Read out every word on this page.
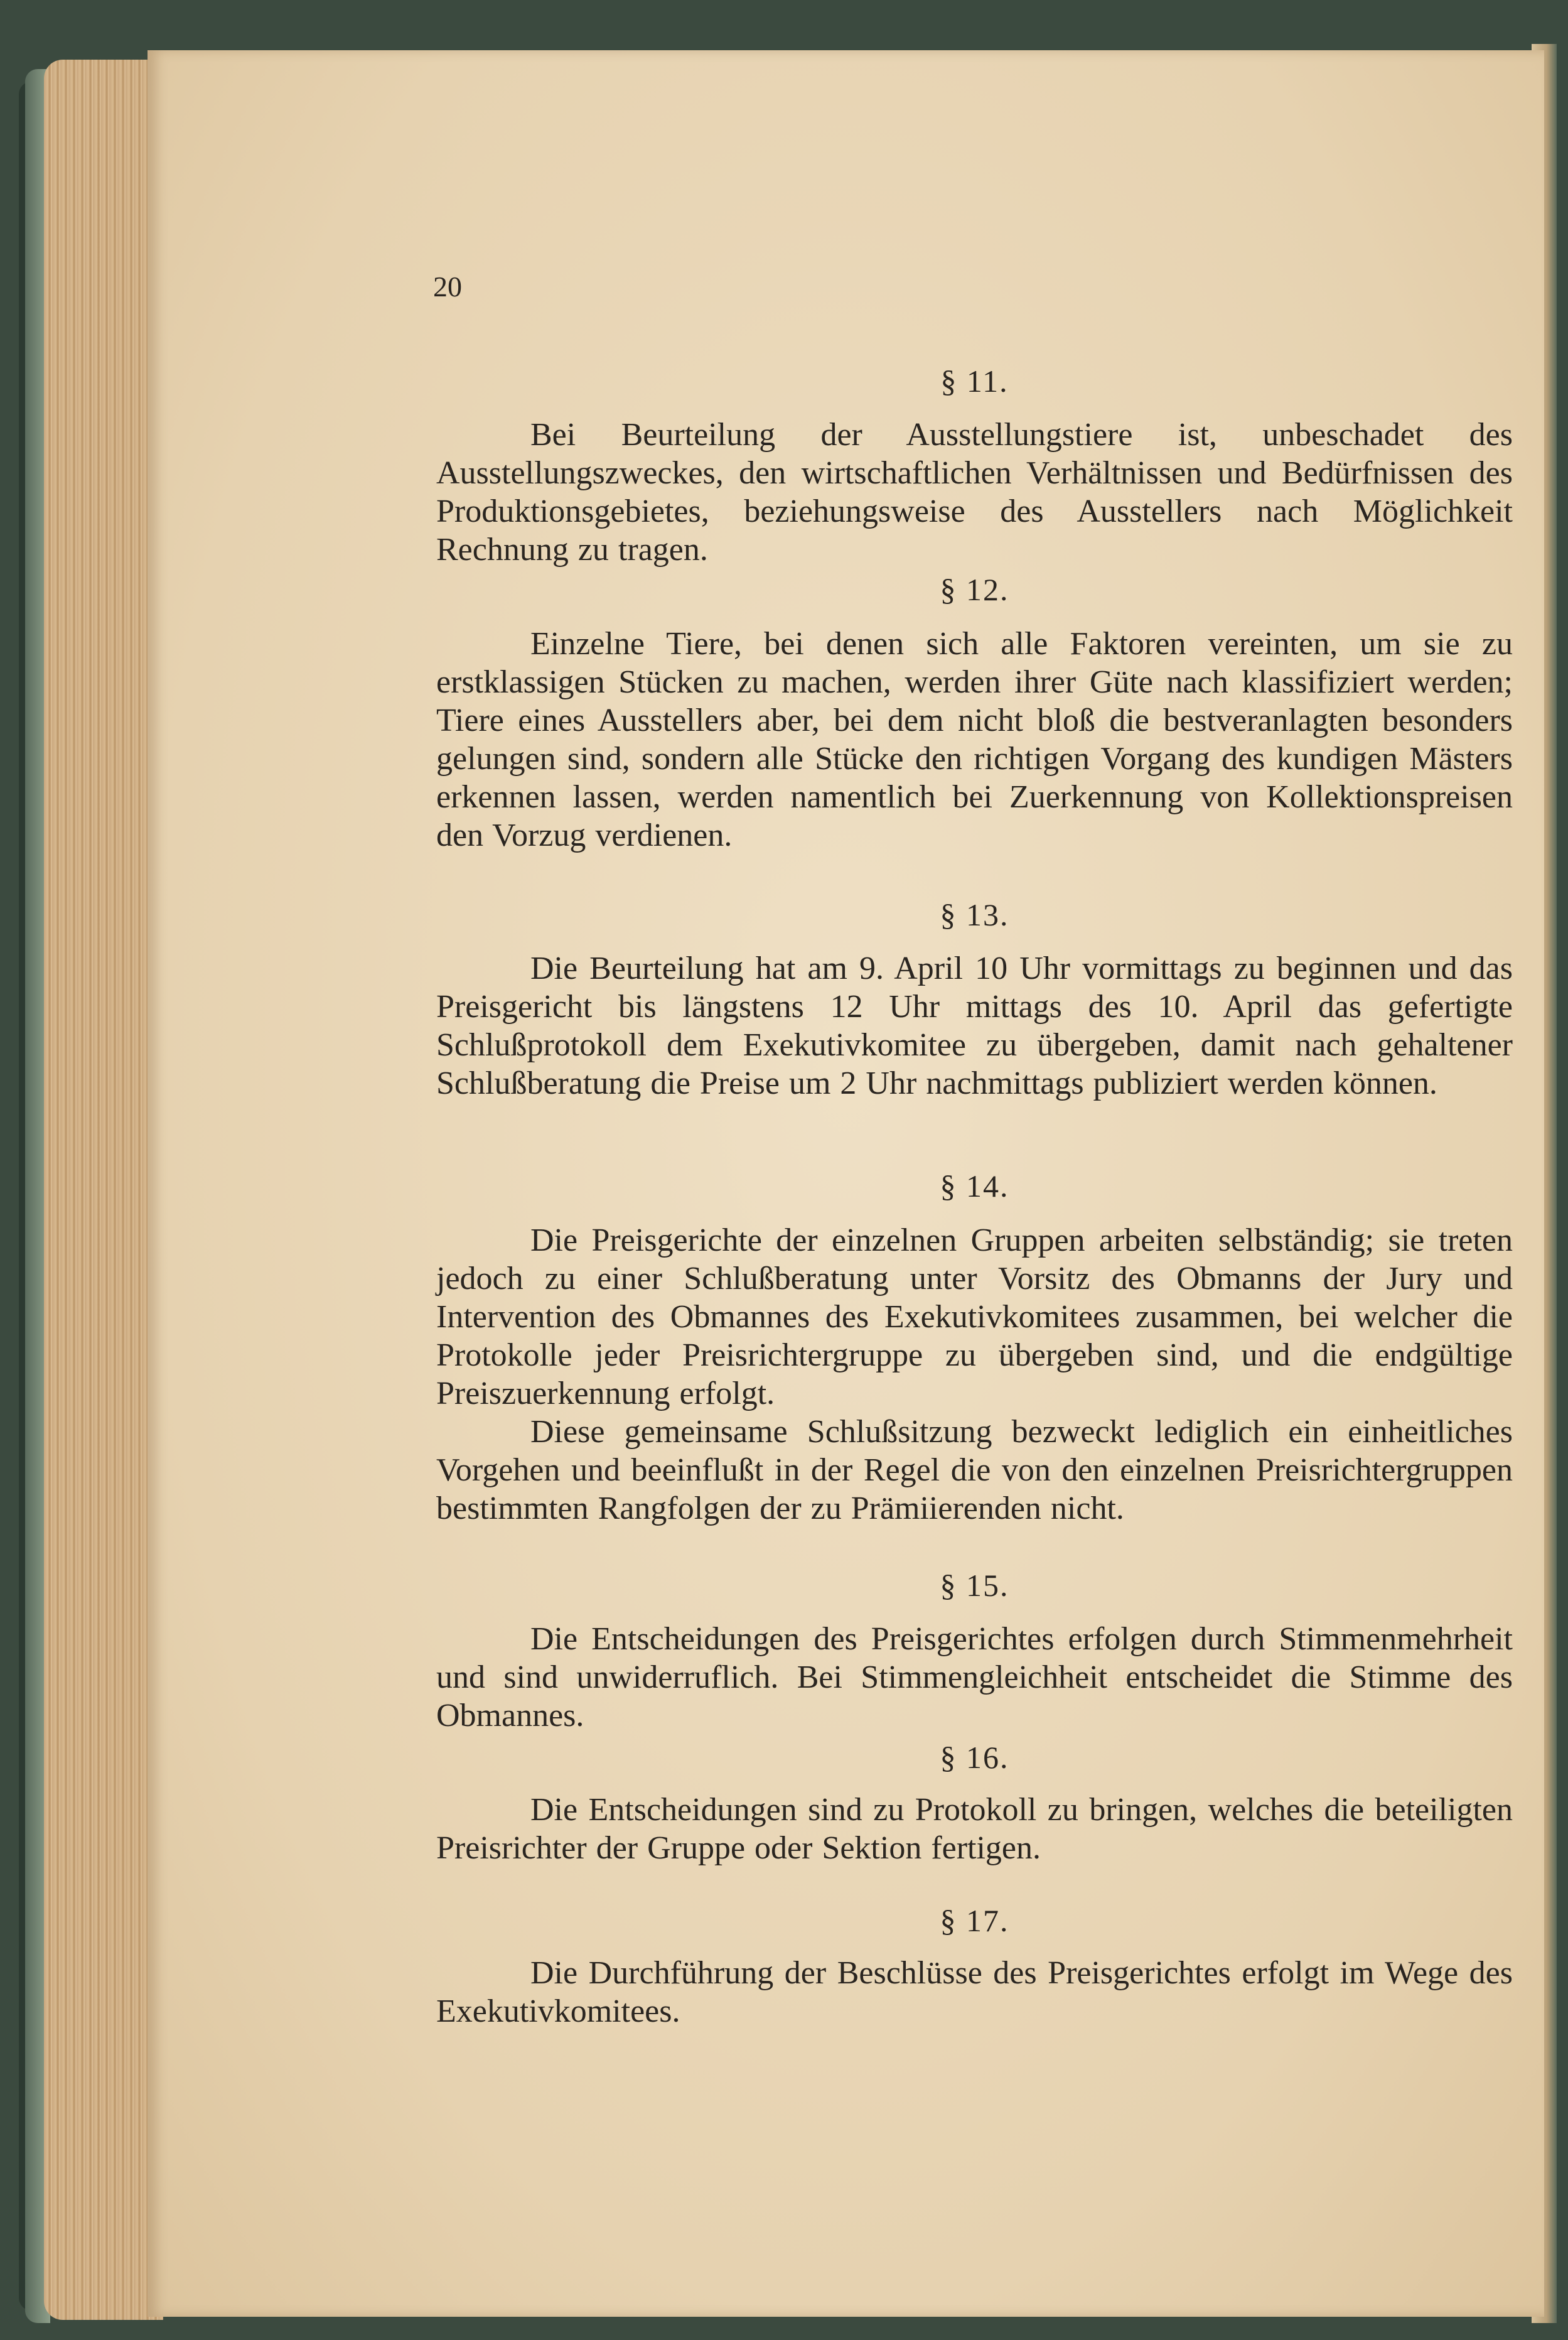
20
§ 11.
Bei Beurteilung der Ausstellungstiere ist, unbeschadet des Ausstellungszweckes, den wirtschaftlichen Verhältnissen und Bedürfnissen des Produktionsgebietes, beziehungsweise des Ausstellers nach Möglichkeit Rechnung zu tragen.
§ 12.
Einzelne Tiere, bei denen sich alle Faktoren vereinten, um sie zu erstklassigen Stücken zu machen, werden ihrer Güte nach klassifiziert werden; Tiere eines Ausstellers aber, bei dem nicht bloß die bestveranlagten besonders gelungen sind, sondern alle Stücke den richtigen Vorgang des kundigen Mästers erkennen lassen, werden namentlich bei Zuerkennung von Kollektionspreisen den Vorzug verdienen.
§ 13.
Die Beurteilung hat am 9. April 10 Uhr vormittags zu beginnen und das Preisgericht bis längstens 12 Uhr mittags des 10. April das gefertigte Schlußprotokoll dem Exekutivkomitee zu übergeben, damit nach gehaltener Schlußberatung die Preise um 2 Uhr nachmittags publiziert werden können.
§ 14.
Die Preisgerichte der einzelnen Gruppen arbeiten selbständig; sie treten jedoch zu einer Schlußberatung unter Vorsitz des Obmanns der Jury und Intervention des Obmannes des Exekutivkomitees zusammen, bei welcher die Protokolle jeder Preisrichtergruppe zu übergeben sind, und die endgültige Preiszuerkennung erfolgt.
Diese gemeinsame Schlußsitzung bezweckt lediglich ein einheitliches Vorgehen und beeinflußt in der Regel die von den einzelnen Preisrichtergruppen bestimmten Rangfolgen der zu Prämiierenden nicht.
§ 15.
Die Entscheidungen des Preisgerichtes erfolgen durch Stimmenmehrheit und sind unwiderruflich. Bei Stimmengleichheit entscheidet die Stimme des Obmannes.
§ 16.
Die Entscheidungen sind zu Protokoll zu bringen, welches die beteiligten Preisrichter der Gruppe oder Sektion fertigen.
§ 17.
Die Durchführung der Beschlüsse des Preisgerichtes erfolgt im Wege des Exekutivkomitees.
